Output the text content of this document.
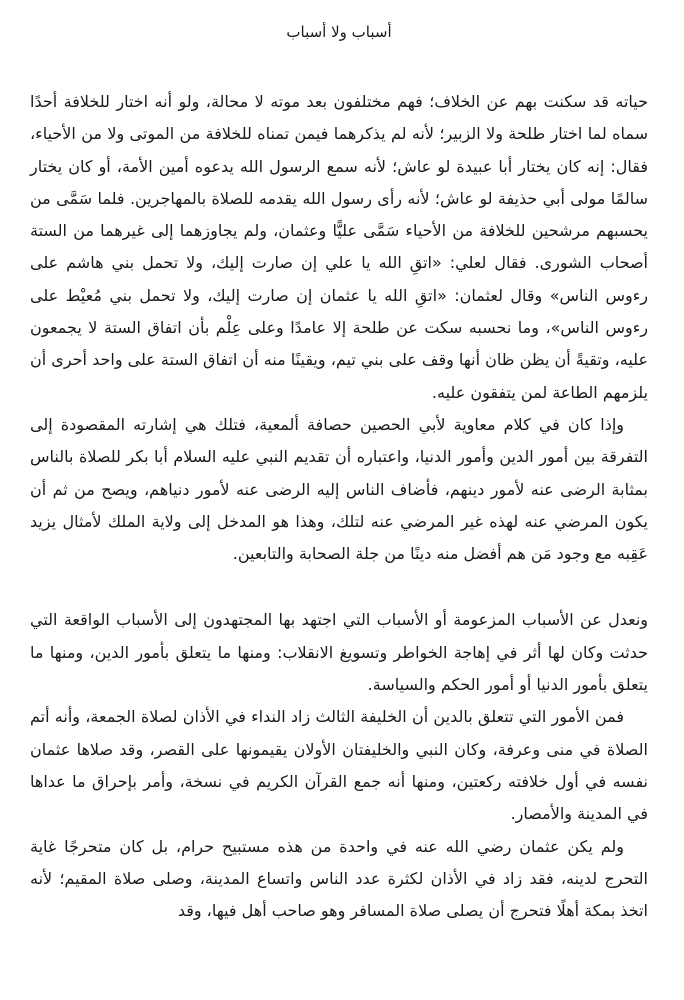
أسباب ولا أسباب

حياته قد سكنت بهم عن الخلاف؛ فهم مختلفون بعد موته لا محالة، ولو أنه اختار للخلافة أحدًا سماه لما اختار طلحة ولا الزبير؛ لأنه لم يذكرهما فيمن تمناه للخلافة من الموتى ولا من الأحياء، فقال: إنه كان يختار أبا عبيدة لو عاش؛ لأنه سمع الرسول الله يدعوه أمين الأمة، أو كان يختار سالمًا مولى أبي حذيفة لو عاش؛ لأنه رأى رسول الله يقدمه للصلاة بالمهاجرين. فلما سَمَّى من يحسبهم مرشحين للخلافة من الأحياء سَمَّى عليًّا وعثمان، ولم يجاوزهما إلى غيرهما من الستة أصحاب الشورى. فقال لعلي: «اتقِ الله يا علي إن صارت إليك، ولا تحمل بني هاشم على رءوس الناس» وقال لعثمان: «اتقِ الله يا عثمان إن صارت إليك، ولا تحمل بني مُعيْط على رءوس الناس»، وما نحسبه سكت عن طلحة إلا عامدًا وعلى عِلْم بأن اتفاق الستة لا يجمعون عليه، وتقيةً أن يظن ظان أنها وقف على بني تيم، ويقينًا منه أن اتفاق الستة على واحد أحرى أن يلزمهم الطاعة لمن يتفقون عليه.

وإذا كان في كلام معاوية لأبي الحصين حصافة ألمعية، فتلك هي إشارته المقصودة إلى التفرقة بين أمور الدين وأمور الدنيا، واعتباره أن تقديم النبي عليه السلام أبا بكر للصلاة بالناس بمثابة الرضى عنه لأمور دينهم، فأضاف الناس إليه الرضى عنه لأمور دنياهم، ويصح من ثم أن يكون المرضي عنه لهذه غير المرضي عنه لتلك، وهذا هو المدخل إلى ولاية الملك لأمثال يزيد عَقِبه مع وجود مَن هم أفضل منه دينًا من جلة الصحابة والتابعين.

ونعدل عن الأسباب المزعومة أو الأسباب التي اجتهد بها المجتهدون إلى الأسباب الواقعة التي حدثت وكان لها أثر في إهاجة الخواطر وتسويغ الانقلاب: ومنها ما يتعلق بأمور الدين، ومنها ما يتعلق بأمور الدنيا أو أمور الحكم والسياسة.

فمن الأمور التي تتعلق بالدين أن الخليفة الثالث زاد النداء في الأذان لصلاة الجمعة، وأنه أتم الصلاة في منى وعرفة، وكان النبي والخليفتان الأولان يقيمونها على القصر، وقد صلاها عثمان نفسه في أول خلافته ركعتين، ومنها أنه جمع القرآن الكريم في نسخة، وأمر بإحراق ما عداها في المدينة والأمصار.

ولم يكن عثمان رضي الله عنه في واحدة من هذه مستبيح حرام، بل كان متحرجًا غاية التحرج لدينه، فقد زاد في الأذان لكثرة عدد الناس واتساع المدينة، وصلى صلاة المقيم؛ لأنه اتخذ بمكة أهلًا فتحرج أن يصلى صلاة المسافر وهو صاحب أهل فيها، وقد
